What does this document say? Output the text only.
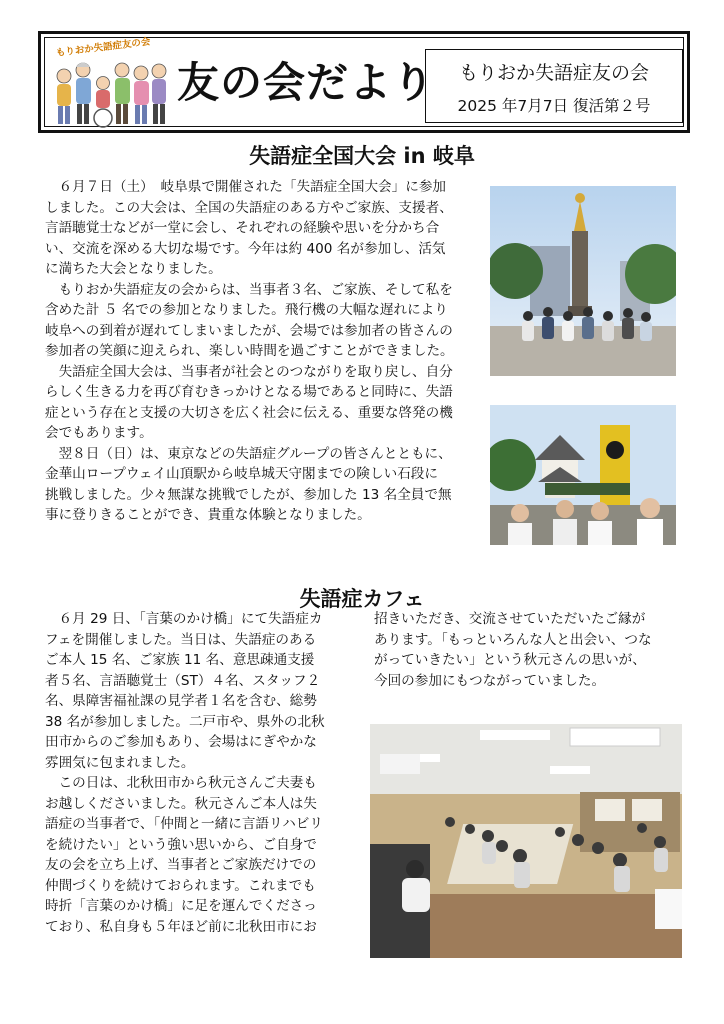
もりおか失語症友の会
友の会だより	もりおか失語症友の会
2025 年7月7日 復活第２号
失語症全国大会 in 岐阜
　６月７日（土）　岐阜県で開催された「失語症全国大会」に参加
しました。この大会は、全国の失語症のある方やご家族、支援者、
言語聴覚士などが一堂に会し、それぞれの経験や思いを分かち合
い、交流を深める大切な場です。今年は約 400 名が参加し、活気
に満ちた大会となりました。
　もりおか失語症友の会からは、当事者３名、ご家族、そして私を
含めた計 ５ 名での参加となりました。飛行機の大幅な遅れにより
岐阜への到着が遅れてしまいましたが、会場では参加者の皆さんの
参加者の笑顔に迎えられ、楽しい時間を過ごすことができました。
　失語症全国大会は、当事者が社会とのつながりを取り戻し、自分
らしく生きる力を再び育むきっかけとなる場であると同時に、失語
症という存在と支援の大切さを広く社会に伝える、重要な啓発の機
会でもあります。
　翌８日（日）は、東京などの失語症グループの皆さんとともに、
金華山ロープウェイ山頂駅から岐阜城天守閣までの険しい石段に
挑戦しました。少々無謀な挑戦でしたが、参加した 13 名全員で無
事に登りきることができ、貴重な体験となりました。
失語症カフェ
　６月 29 日、「言葉のかけ橋」にて失語症カ
フェを開催しました。当日は、失語症のある
ご本人 15 名、ご家族 11 名、意思疎通支援
者５名、言語聴覚士（ST）４名、スタッフ２
名、県障害福祉課の見学者１名を含む、総勢
38 名が参加しました。二戸市や、県外の北秋
田市からのご参加もあり、会場はにぎやかな
雰囲気に包まれました。
　この日は、北秋田市から秋元さんご夫妻も
お越しくださいました。秋元さんご本人は失
語症の当事者で、「仲間と一緒に言語リハビリ
を続けたい」という強い思いから、ご自身で
友の会を立ち上げ、当事者とご家族だけでの
仲間づくりを続けておられます。これまでも
時折「言葉のかけ橋」に足を運んでくださっ
ており、私自身も５年ほど前に北秋田市にお
招きいただき、交流させていただいたご縁が
あります。「もっといろんな人と出会い、つな
がっていきたい」という秋元さんの思いが、
今回の参加にもつながっていました。
